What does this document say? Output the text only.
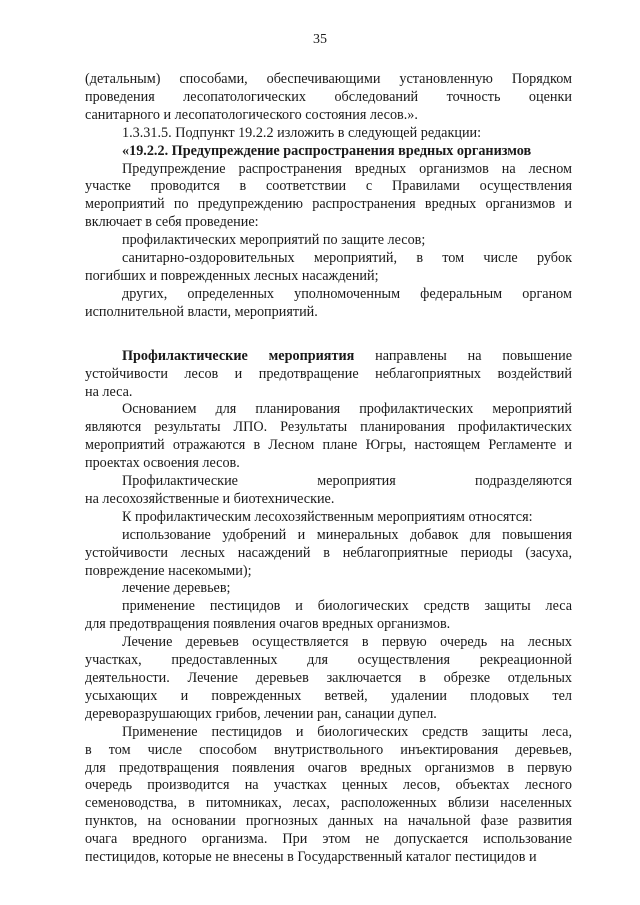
35

(детальным) способами, обеспечивающими установленную Порядком

проведения лесопатологических обследований точность оценки

санитарного и лесопатологического состояния лесов.».

1.3.31.5. Подпункт 19.2.2 изложить в следующей редакции:

«19.2.2. Предупреждение распространения вредных организмов

Предупреждение распространения вредных организмов на лесном

участке проводится в соответствии с Правилами осуществления

мероприятий по предупреждению распространения вредных организмов и

включает в себя проведение:

профилактических мероприятий по защите лесов;

санитарно-оздоровительных мероприятий, в том числе рубок

погибших и поврежденных лесных насаждений;

других, определенных уполномоченным федеральным органом

исполнительной власти, мероприятий.

Профилактические мероприятия направлены на повышение

устойчивости лесов и предотвращение неблагоприятных воздействий

на леса.

Основанием для планирования профилактических мероприятий

являются результаты ЛПО. Результаты планирования профилактических

мероприятий отражаются в Лесном плане Югры, настоящем Регламенте и

проектах освоения лесов.

Профилактические мероприятия подразделяются

на лесохозяйственные и биотехнические.

К профилактическим лесохозяйственным мероприятиям относятся:

использование удобрений и минеральных добавок для повышения

устойчивости лесных насаждений в неблагоприятные периоды (засуха,

повреждение насекомыми);

лечение деревьев;

применение пестицидов и биологических средств защиты леса

для предотвращения появления очагов вредных организмов.

Лечение деревьев осуществляется в первую очередь на лесных

участках, предоставленных для осуществления рекреационной

деятельности. Лечение деревьев заключается в обрезке отдельных

усыхающих и поврежденных ветвей, удалении плодовых тел

дереворазрушающих грибов, лечении ран, санации дупел.

Применение пестицидов и биологических средств защиты леса,

в том числе способом внутриствольного инъектирования деревьев,

для предотвращения появления очагов вредных организмов в первую

очередь производится на участках ценных лесов, объектах лесного

семеноводства, в питомниках, лесах, расположенных вблизи населенных

пунктов, на основании прогнозных данных на начальной фазе развития

очага вредного организма. При этом не допускается использование

пестицидов, которые не внесены в Государственный каталог пестицидов и
